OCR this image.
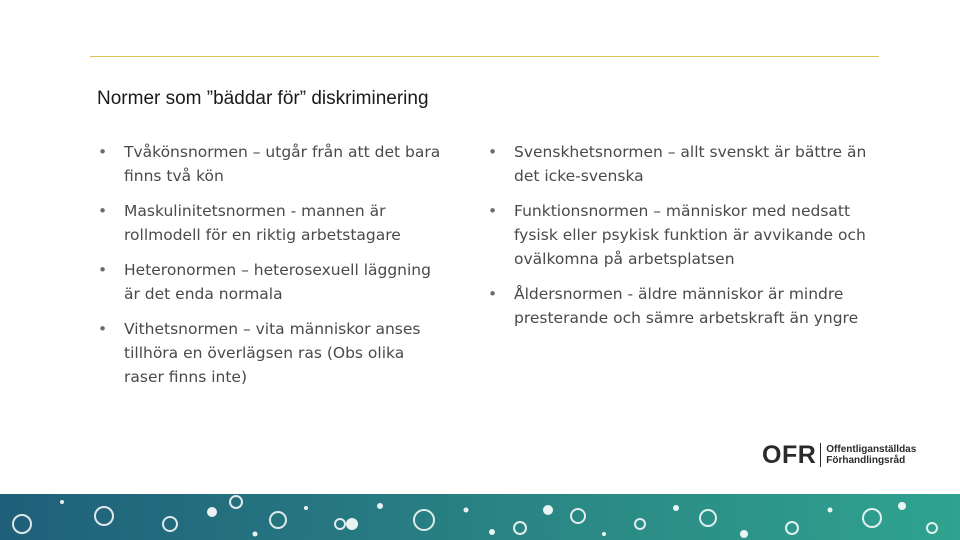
Normer som ”bäddar för” diskriminering
• Tvåkönsnormen – utgår från att det bara finns två kön
• Maskulinitetsnormen - mannen är rollmodell för en riktig arbetstagare
• Heteronormen – heterosexuell läggning är det enda normala
• Vithetsnormen – vita människor anses tillhöra en överlägsen ras (Obs olika raser finns inte)
• Svenskhetsnormen – allt svenskt är bättre än det icke-svenska
• Funktionsnormen – människor med nedsatt fysisk eller psykisk funktion är avvikande och ovälkomna på arbetsplatsen
• Åldersnormen - äldre människor är mindre presterande och sämre arbetskraft än yngre
OFR Offentliganställdas
Förhandlingsråd
